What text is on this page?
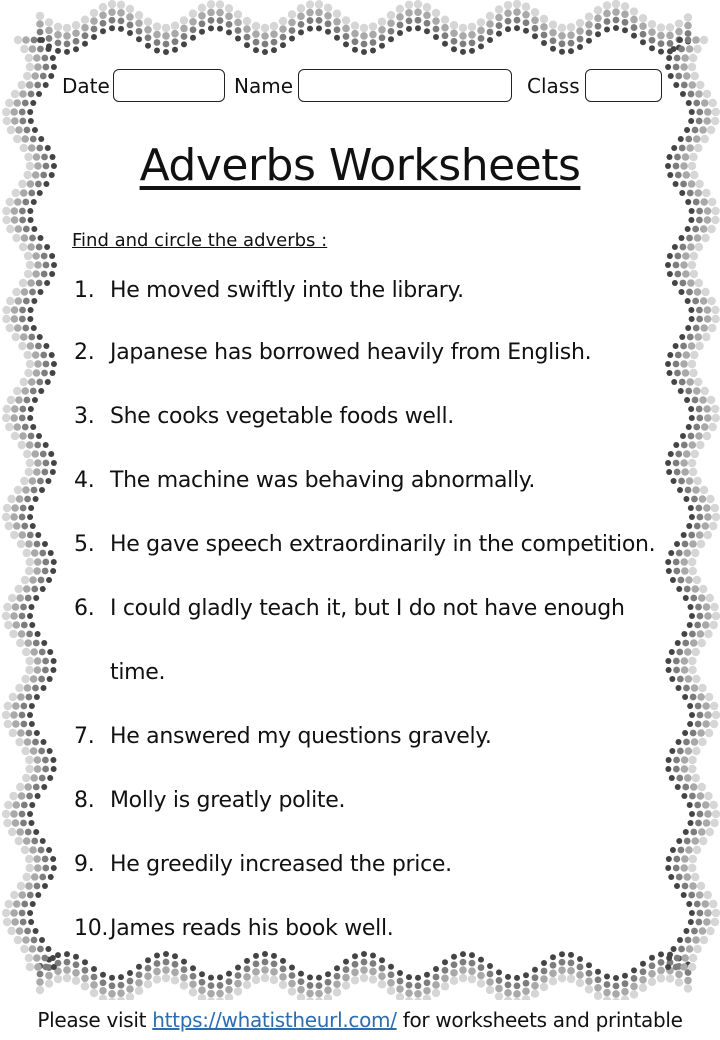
Date	Name	Class
Adverbs Worksheets
Find and circle the adverbs :
1. He moved swiftly into the library.
2. Japanese has borrowed heavily from English.
3. She cooks vegetable foods well.
4. The machine was behaving abnormally.
5. He gave speech extraordinarily in the competition.
6. I could gladly teach it, but I do not have enough
time.
7. He answered my questions gravely.
8. Molly is greatly polite.
9. He greedily increased the price.
10.James reads his book well.
Please visit https://whatistheurl.com/ for worksheets and printable
